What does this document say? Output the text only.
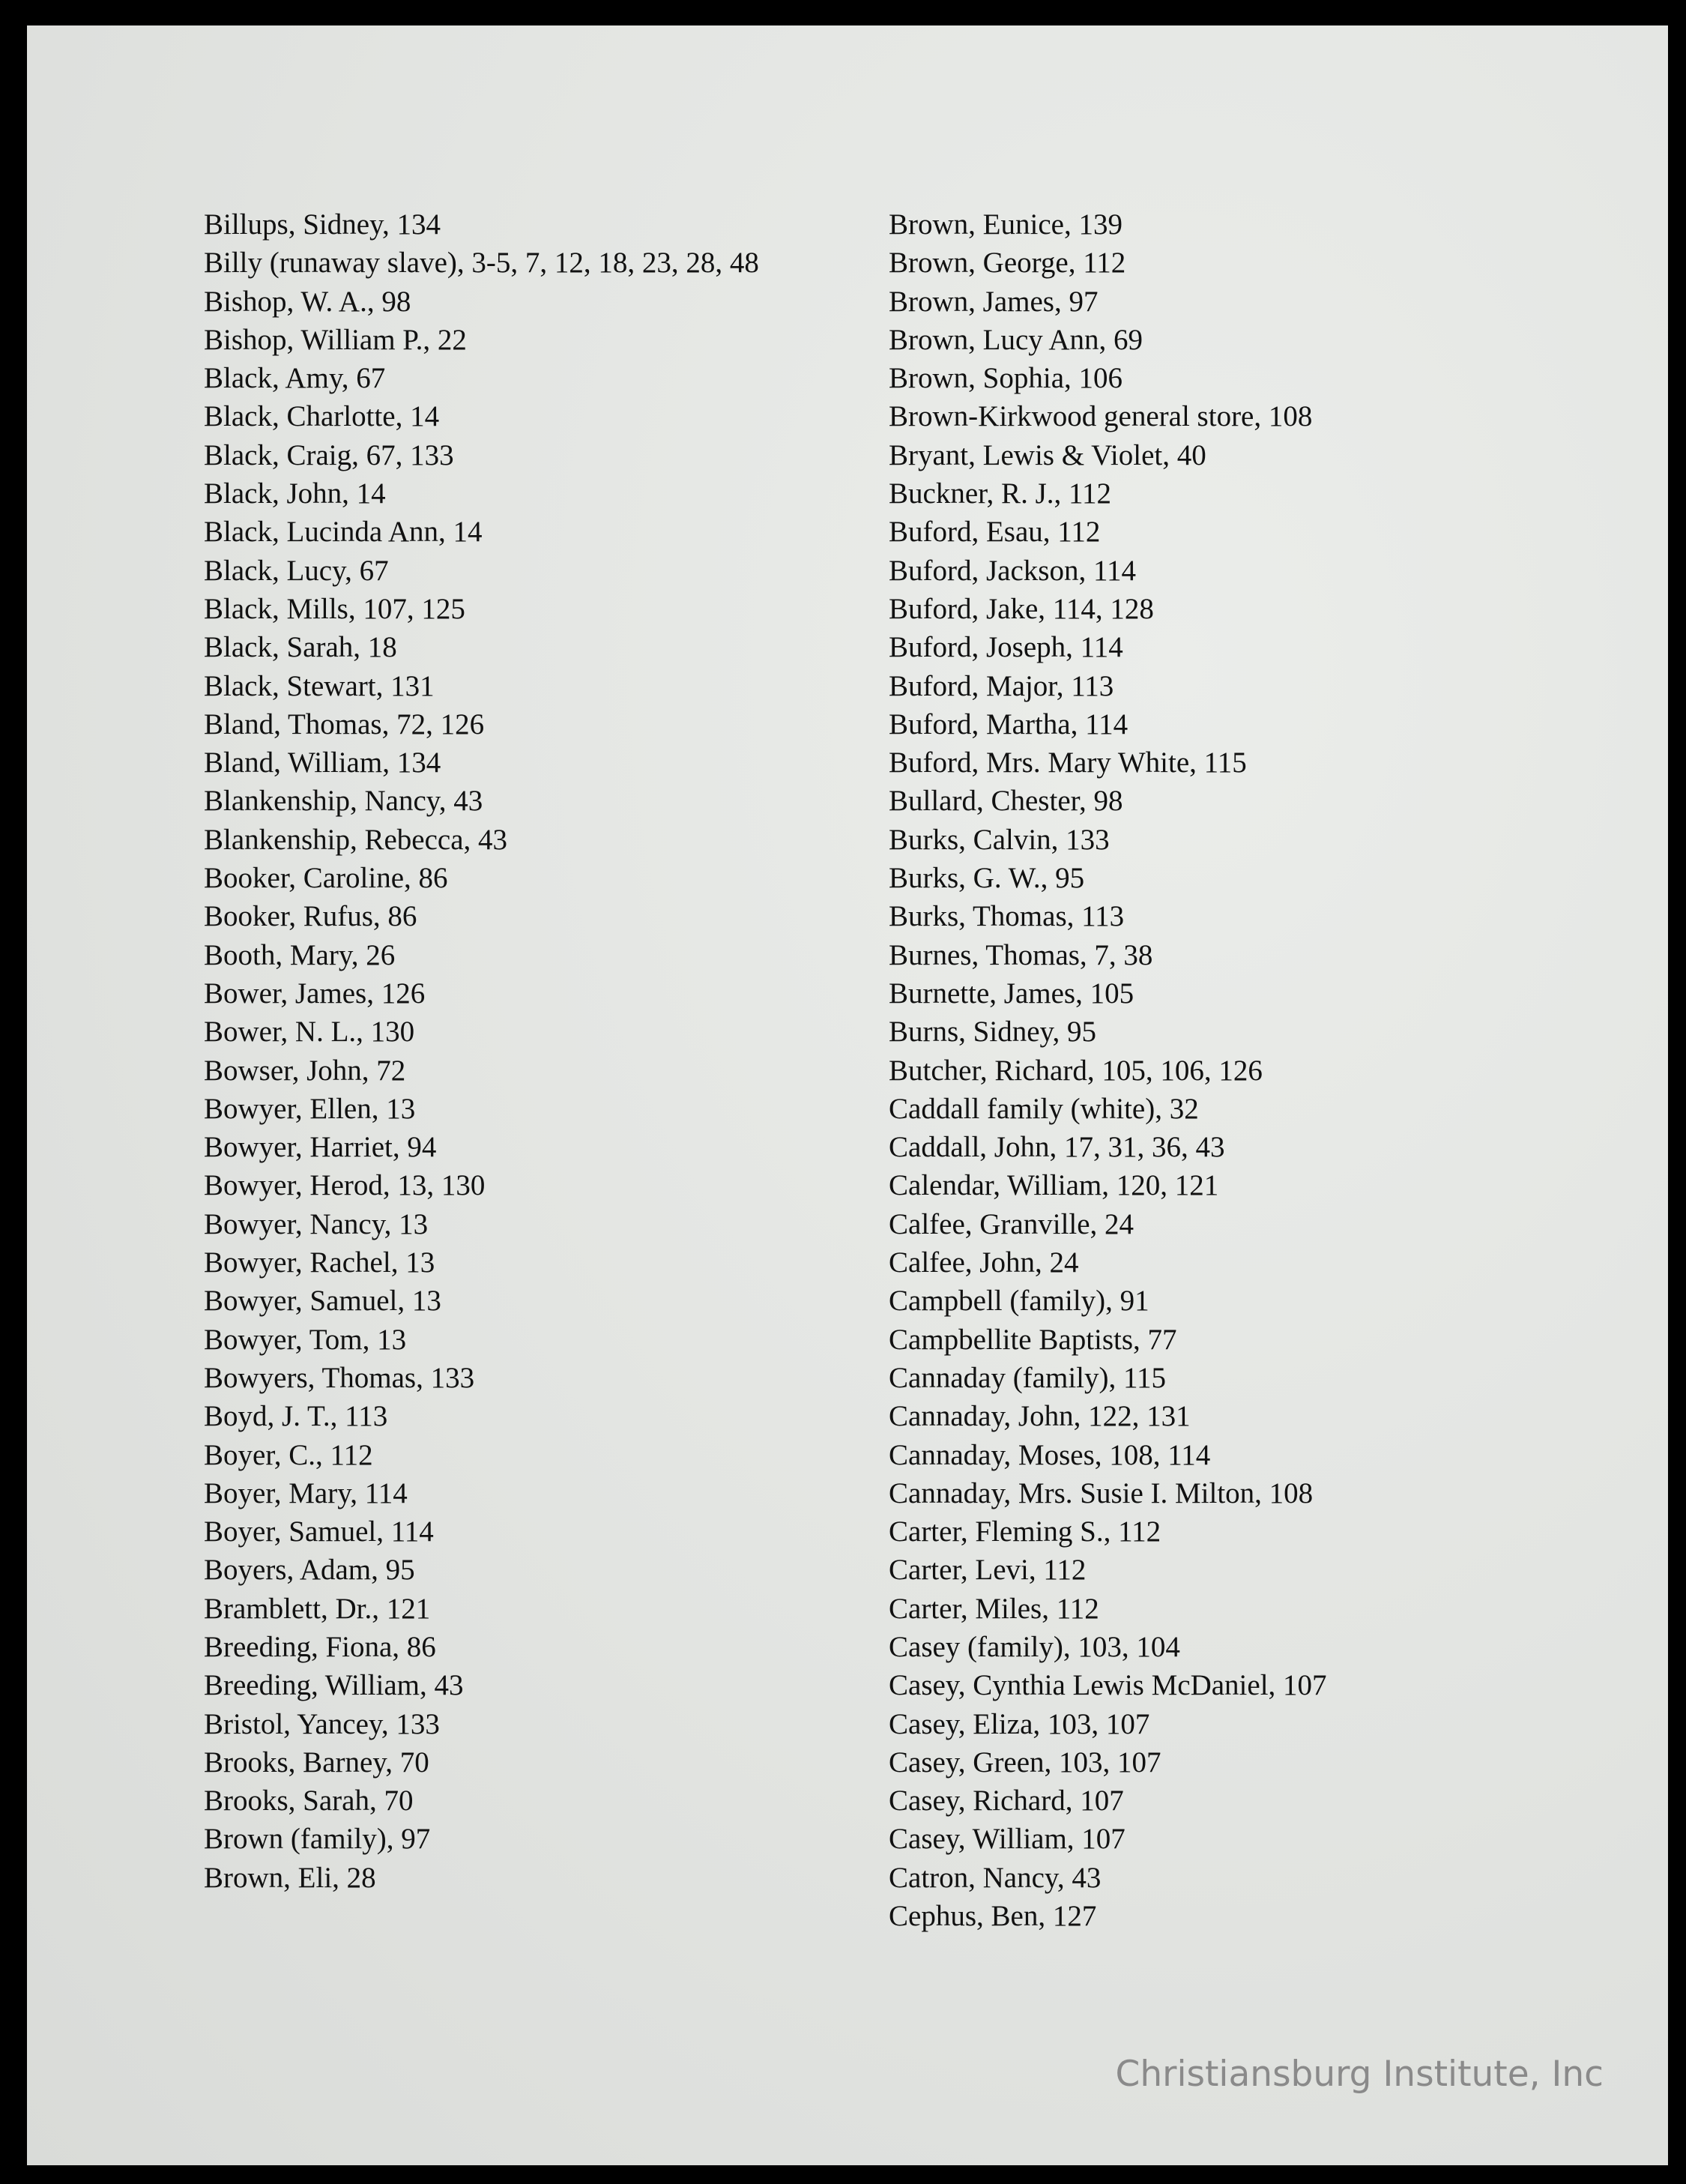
Billups, Sidney, 134
Billy (runaway slave), 3-5, 7, 12, 18, 23, 28, 48
Bishop, W. A., 98
Bishop, William P., 22
Black, Amy, 67
Black, Charlotte, 14
Black, Craig, 67, 133
Black, John, 14
Black, Lucinda Ann, 14
Black, Lucy, 67
Black, Mills, 107, 125
Black, Sarah, 18
Black, Stewart, 131
Bland, Thomas, 72, 126
Bland, William, 134
Blankenship, Nancy, 43
Blankenship, Rebecca, 43
Booker, Caroline, 86
Booker, Rufus, 86
Booth, Mary, 26
Bower, James, 126
Bower, N. L., 130
Bowser, John, 72
Bowyer, Ellen, 13
Bowyer, Harriet, 94
Bowyer, Herod, 13, 130
Bowyer, Nancy, 13
Bowyer, Rachel, 13
Bowyer, Samuel, 13
Bowyer, Tom, 13
Bowyers, Thomas, 133
Boyd, J. T., 113
Boyer, C., 112
Boyer, Mary, 114
Boyer, Samuel, 114
Boyers, Adam, 95
Bramblett, Dr., 121
Breeding, Fiona, 86
Breeding, William, 43
Bristol, Yancey, 133
Brooks, Barney, 70
Brooks, Sarah, 70
Brown (family), 97
Brown, Eli, 28
Brown, Eunice, 139
Brown, George, 112
Brown, James, 97
Brown, Lucy Ann, 69
Brown, Sophia, 106
Brown-Kirkwood general store, 108
Bryant, Lewis & Violet, 40
Buckner, R. J., 112
Buford, Esau, 112
Buford, Jackson, 114
Buford, Jake, 114, 128
Buford, Joseph, 114
Buford, Major, 113
Buford, Martha, 114
Buford, Mrs. Mary White, 115
Bullard, Chester, 98
Burks, Calvin, 133
Burks, G. W., 95
Burks, Thomas, 113
Burnes, Thomas, 7, 38
Burnette, James, 105
Burns, Sidney, 95
Butcher, Richard, 105, 106, 126
Caddall family (white), 32
Caddall, John, 17, 31, 36, 43
Calendar, William, 120, 121
Calfee, Granville, 24
Calfee, John, 24
Campbell (family), 91
Campbellite Baptists, 77
Cannaday (family), 115
Cannaday, John, 122, 131
Cannaday, Moses, 108, 114
Cannaday, Mrs. Susie I. Milton, 108
Carter, Fleming S., 112
Carter, Levi, 112
Carter, Miles, 112
Casey (family), 103, 104
Casey, Cynthia Lewis McDaniel, 107
Casey, Eliza, 103, 107
Casey, Green, 103, 107
Casey, Richard, 107
Casey, William, 107
Catron, Nancy, 43
Cephus, Ben, 127
Christiansburg Institute, Inc
